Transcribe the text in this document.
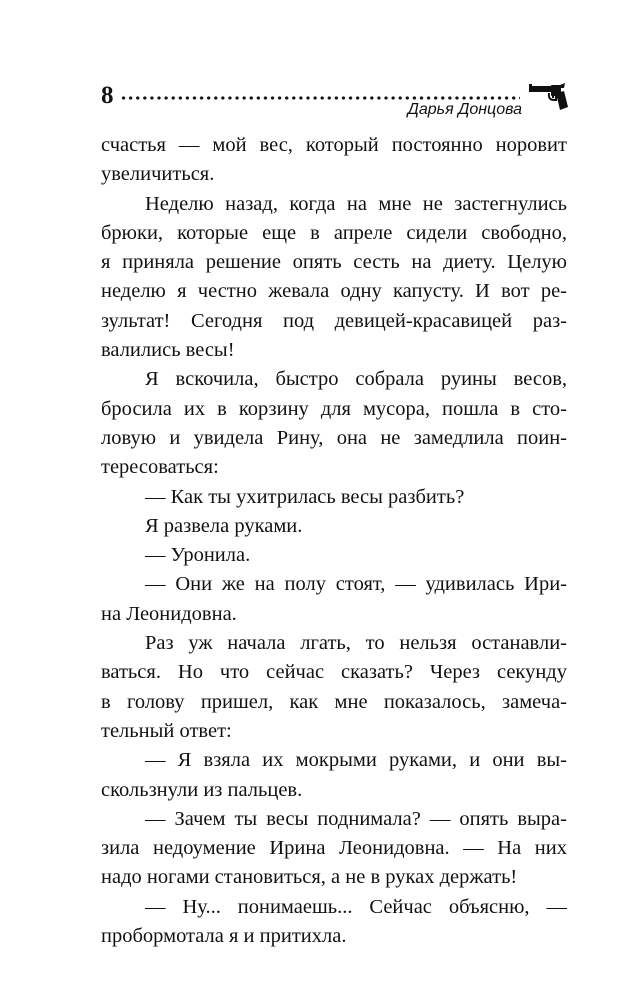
8
Дарья Донцова
счастья — мой вес, который постоянно норовит
увеличиться.
Неделю назад, когда на мне не застегнулись
брюки, которые еще в апреле сидели свободно,
я приняла решение опять сесть на диету. Целую
неделю я честно жевала одну капусту. И вот ре-
зультат! Сегодня под девицей-красавицей раз-
валились весы!
Я вскочила, быстро собрала руины весов,
бросила их в корзину для мусора, пошла в сто-
ловую и увидела Рину, она не замедлила поин-
тересоваться:
— Как ты ухитрилась весы разбить?
Я развела руками.
— Уронила.
— Они же на полу стоят, — удивилась Ири-
на Леонидовна.
Раз уж начала лгать, то нельзя останавли-
ваться. Но что сейчас сказать? Через секунду
в голову пришел, как мне показалось, замеча-
тельный ответ:
— Я взяла их мокрыми руками, и они вы-
скользнули из пальцев.
— Зачем ты весы поднимала? — опять выра-
зила недоумение Ирина Леонидовна. — На них
надо ногами становиться, а не в руках держать!
— Ну... понимаешь... Сейчас объясню, —
пробормотала я и притихла.
